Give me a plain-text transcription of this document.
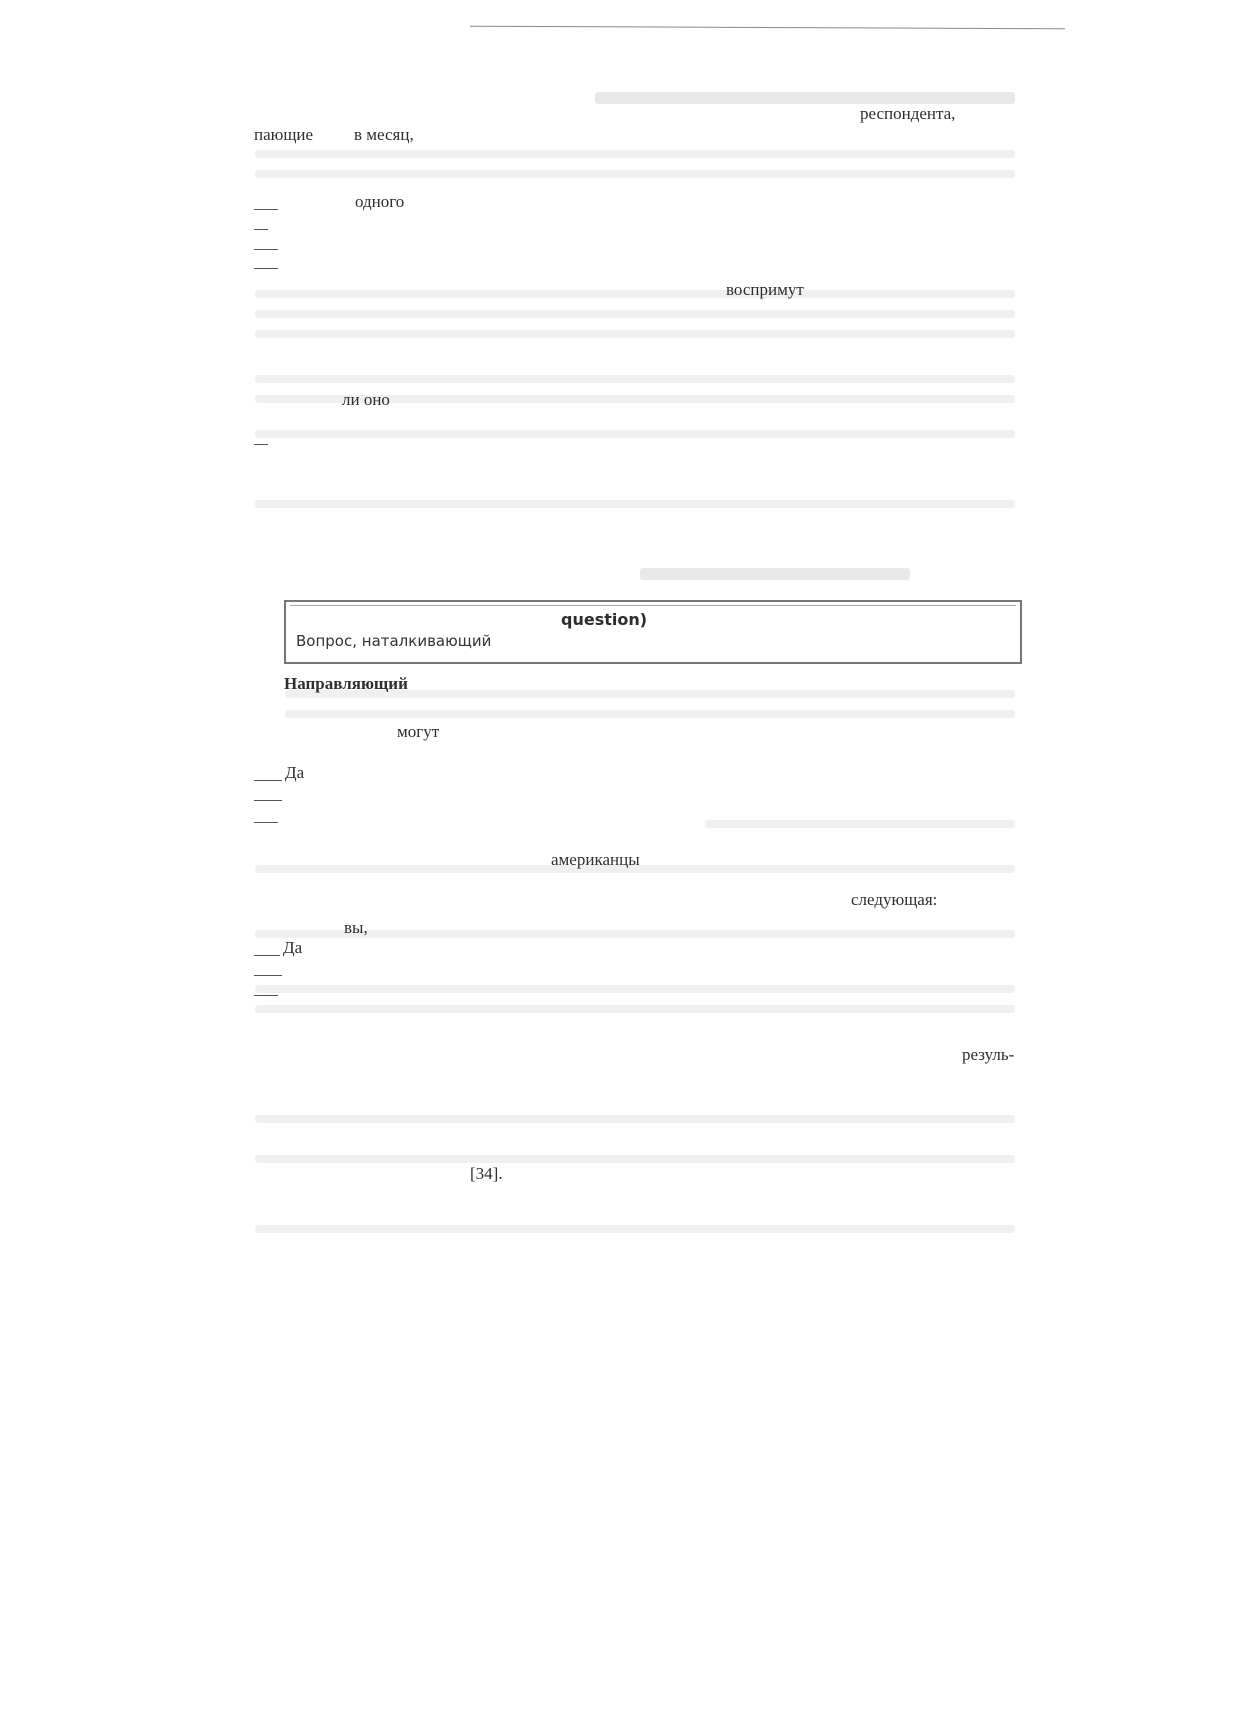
респондента,
пающие в месяц,
одного
воспримут
ли оно
question)
Вопрос, наталкивающий
Направляющий
могут
Да
американцы
следующая:
вы,
Да
резуль-
[34].
